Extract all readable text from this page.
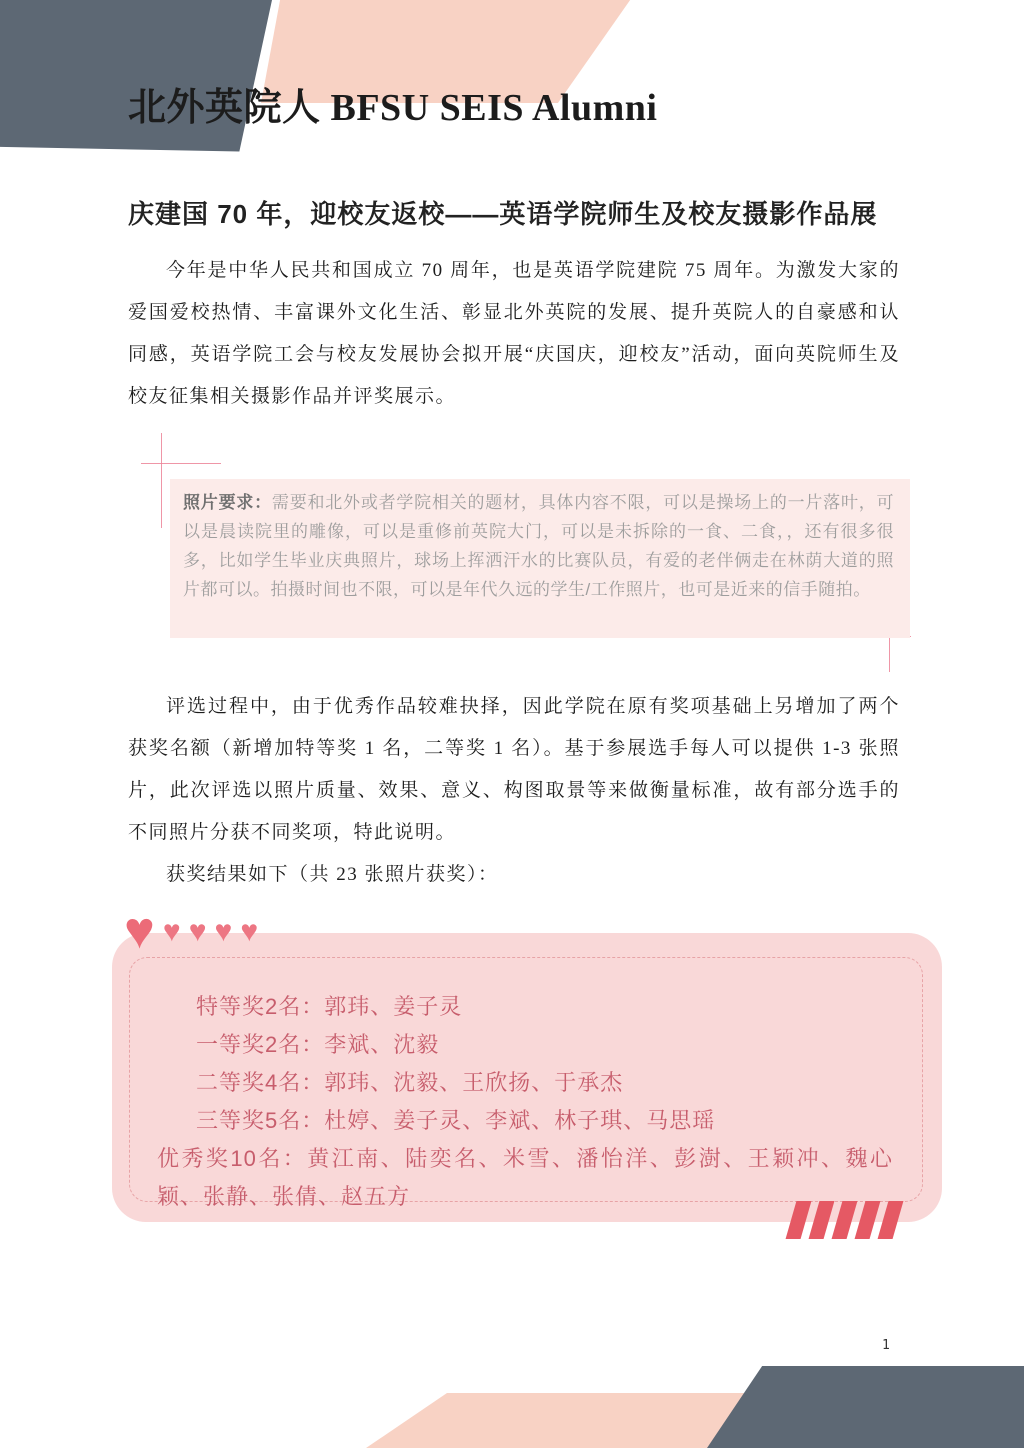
北外英院人 BFSU SEIS Alumni
庆建国 70 年，迎校友返校——英语学院师生及校友摄影作品展

今年是中华人民共和国成立 70 周年，也是英语学院建院 75 周年。为激发大家的爱国爱校热情、丰富课外文化生活、彰显北外英院的发展、提升英院人的自豪感和认同感，英语学院工会与校友发展协会拟开展“庆国庆，迎校友”活动，面向英院师生及校友征集相关摄影作品并评奖展示。

照片要求：需要和北外或者学院相关的题材，具体内容不限，可以是操场上的一片落叶，可以是晨读院里的雕像，可以是重修前英院大门，可以是未拆除的一食、二食，，还有很多很多，比如学生毕业庆典照片，球场上挥洒汗水的比赛队员，有爱的老伴俩走在林荫大道的照片都可以。拍摄时间也不限，可以是年代久远的学生/工作照片，也可是近来的信手随拍。

评选过程中，由于优秀作品较难抉择，因此学院在原有奖项基础上另增加了两个获奖名额（新增加特等奖 1 名，二等奖 1 名）。基于参展选手每人可以提供 1-3 张照片，此次评选以照片质量、效果、意义、构图取景等来做衡量标准，故有部分选手的不同照片分获不同奖项，特此说明。

获奖结果如下（共 23 张照片获奖）：

♥ ♥ ♥ ♥ ♥
特等奖2名：郭玮、姜子灵
一等奖2名：李斌、沈毅
二等奖4名：郭玮、沈毅、王欣扬、于承杰
三等奖5名：杜婷、姜子灵、李斌、林子琪、马思瑶
优秀奖10名：黄江南、陆奕名、米雪、潘怡洋、彭澍、王颖冲、魏心颖、张静、张倩、赵五方
1
